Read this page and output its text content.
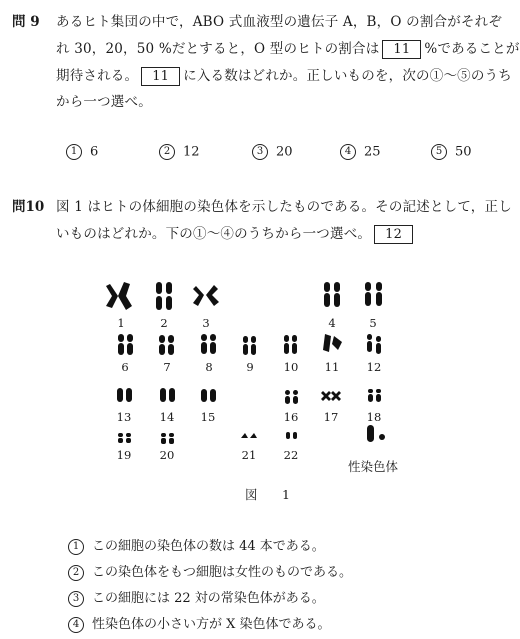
問 9 あるヒト集団の中で，ABO 式血液型の遺伝子 A，B，O の割合がそれぞ
れ 30，20，50 %だとすると，O 型のヒトの割合は 11 %であることが
期待される。 11 に入る数はどれか。正しいものを，次の①～⑤のうち
から一つ選べ。
1 6	2 12	3 20	4 25	5 50
問10 図 1 はヒトの体細胞の染色体を示したものである。その記述として，正し
いものはどれか。下の①～④のうちから一つ選べ。 12
1	2	3	4	5
6	7	8	9	10	11	12
13	14	15	16	17	18
19	20	21	22
性染色体
図　1
1 この細胞の染色体の数は 44 本である。
2 この染色体をもつ細胞は女性のものである。
3 この細胞には 22 対の常染色体がある。
4 性染色体の小さい方が X 染色体である。
